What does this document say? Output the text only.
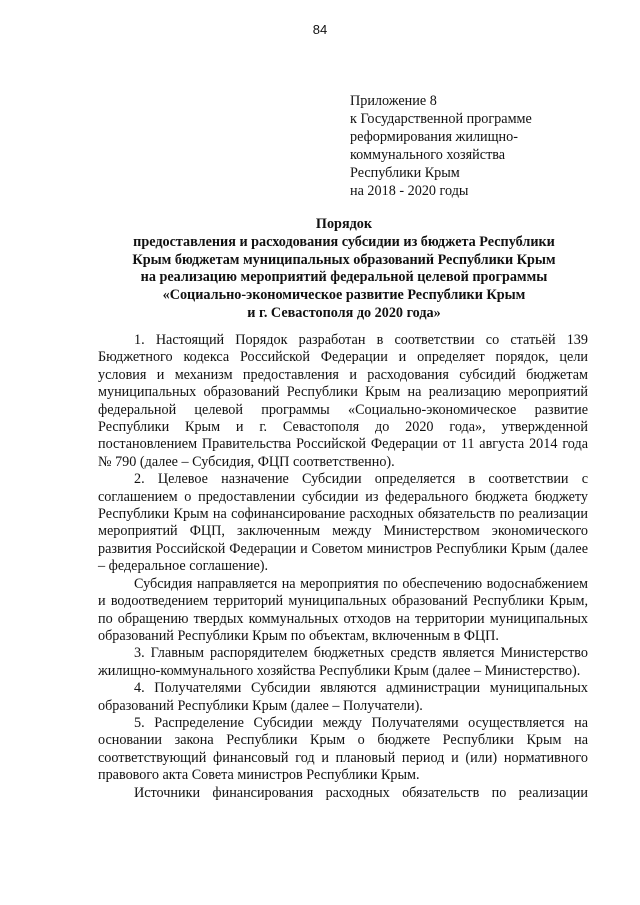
84
Приложение 8
к Государственной программе
реформирования жилищно-
коммунального хозяйства
Республики Крым
на 2018 - 2020 годы
Порядок
предоставления и расходования субсидии из бюджета Республики
Крым бюджетам муниципальных образований Республики Крым
на реализацию мероприятий федеральной целевой программы
«Социально-экономическое развитие Республики Крым
и г. Севастополя до 2020 года»

1. Настоящий Порядок разработан в соответствии со статьёй 139 Бюджетного кодекса Российской Федерации и определяет порядок, цели условия и механизм предоставления и расходования субсидий бюджетам муниципальных образований Республики Крым на реализацию мероприятий федеральной целевой программы «Социально-экономическое развитие Республики Крым и г. Севастополя до 2020 года», утвержденной постановлением Правительства Российской Федерации от 11 августа 2014 года № 790 (далее – Субсидия, ФЦП соответственно).

2. Целевое назначение Субсидии определяется в соответствии с соглашением о предоставлении субсидии из федерального бюджета бюджету Республики Крым на софинансирование расходных обязательств по реализации мероприятий ФЦП, заключенным между Министерством экономического развития Российской Федерации и Советом министров Республики Крым (далее – федеральное соглашение).

Субсидия направляется на мероприятия по обеспечению водоснабжением и водоотведением территорий муниципальных образований Республики Крым, по обращению твердых коммунальных отходов на территории муниципальных образований Республики Крым по объектам, включенным в ФЦП.

3. Главным распорядителем бюджетных средств является Министерство жилищно-коммунального хозяйства Республики Крым (далее – Министерство).

4. Получателями Субсидии являются администрации муниципальных образований Республики Крым (далее – Получатели).

5. Распределение Субсидии между Получателями осуществляется на основании закона Республики Крым о бюджете Республики Крым на соответствующий финансовый год и плановый период и (или) нормативного правового акта Совета министров Республики Крым.

Источники финансирования расходных обязательств по реализации
